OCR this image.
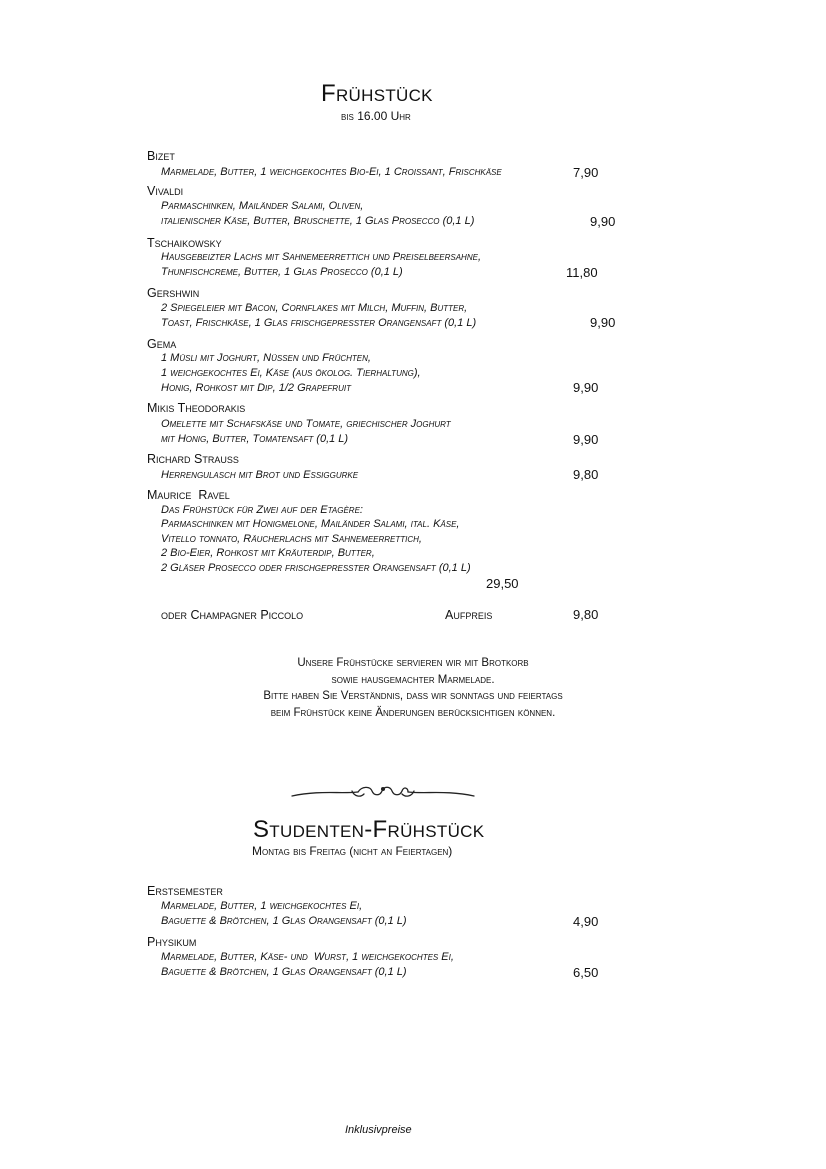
Frühstück
bis 16.00 Uhr
Bizet
Marmelade, Butter, 1 weichgekochtes Bio-Ei, 1 Croissant, Frischkäse	7,90
Vivaldi
Parmaschinken, Mailänder Salami, Oliven,
italienischer Käse, Butter, Bruschette, 1 Glas Prosecco (0,1 L)	9,90
Tschaikowsky
Hausgebeizter Lachs mit Sahnemeerrettich und Preiselbeersahne,
Thunfischcreme, Butter, 1 Glas Prosecco (0,1 L)	11,80
Gershwin
2 Spiegeleier mit Bacon, Cornflakes mit Milch, Muffin, Butter,
Toast, Frischkäse, 1 Glas frischgepresster Orangensaft (0,1 L)	9,90
Gema
1 Müsli mit Joghurt, Nüssen und Früchten,
1 weichgekochtes Ei, Käse (aus ökolog. Tierhaltung),
Honig, Rohkost mit Dip, 1/2 Grapefruit	9,90
Mikis Theodorakis
Omelette mit Schafskäse und Tomate, griechischer Joghurt
mit Honig, Butter, Tomatensaft (0,1 L)	9,90
Richard Strauss
Herrengulasch mit Brot und Essiggurke	9,80
Maurice  Ravel
Das Frühstück für Zwei auf der Etagère:
Parmaschinken mit Honigmelone, Mailänder Salami, ital. Käse,
Vitello tonnato, Räucherlachs mit Sahnemeerrettich,
2 Bio-Eier, Rohkost mit Kräuterdip, Butter,
2 Gläser Prosecco oder frischgepresster Orangensaft (0,1 L)
29,50
oder Champagner Piccolo	Aufpreis	9,80
Unsere Frühstücke servieren wir mit Brotkorb
sowie hausgemachter Marmelade.
Bitte haben Sie Verständnis, dass wir sonntags und feiertags
beim Frühstück keine Änderungen berücksichtigen können.
Studenten-Frühstück
Montag bis Freitag (nicht an Feiertagen)
Erstsemester
Marmelade, Butter, 1 weichgekochtes Ei,
Baguette & Brötchen, 1 Glas Orangensaft (0,1 L)	4,90
Physikum
Marmelade, Butter, Käse- und  Wurst, 1 weichgekochtes Ei,
Baguette & Brötchen, 1 Glas Orangensaft (0,1 L)	6,50
Inklusivpreise
